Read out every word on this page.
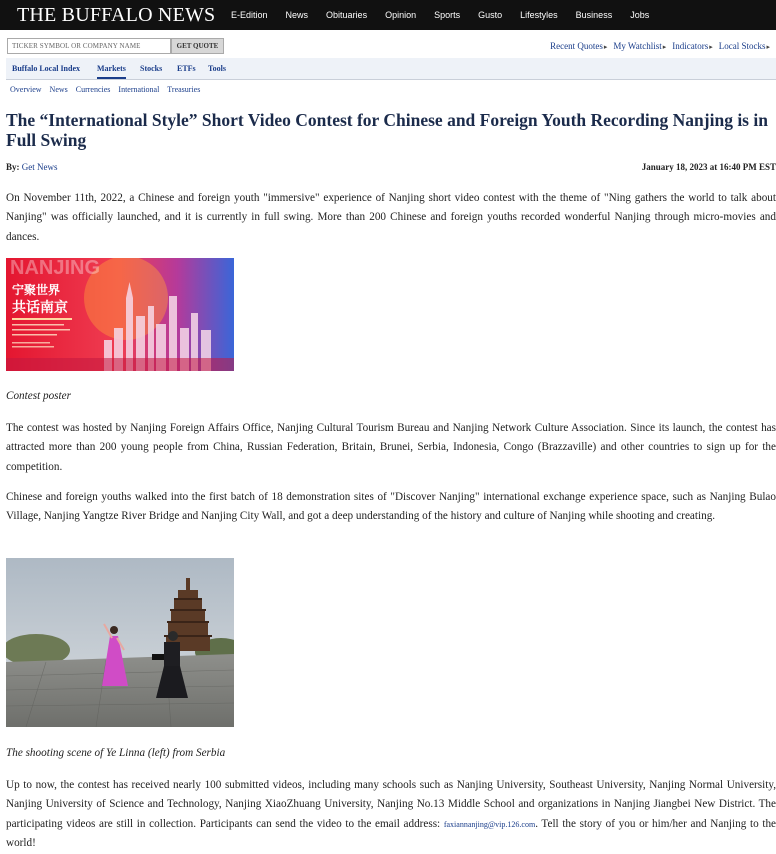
THE BUFFALO NEWS E-Edition News Obituaries Opinion Sports Gusto Lifestyles Business Jobs
TICKER SYMBOL OR COMPANY NAME	GET QUOTE	Recent Quotes ▸	My Watchlist ▸	Indicators ▸	Local Stocks ▸
Buffalo Local Index Markets Stocks ETFs Tools
Overview News Currencies International Treasuries
The “International Style” Short Video Contest for Chinese and Foreign Youth Recording Nanjing is in Full Swing
By: Get News	January 18, 2023 at 16:40 PM EST

On November 11th, 2022, a Chinese and foreign youth "immersive" experience of Nanjing short video contest with the theme of "Ning gathers the world to talk about Nanjing" was officially launched, and it is currently in full swing. More than 200 Chinese and foreign youths recorded wonderful Nanjing through micro-movies and dances.

NANJING
宁聚世界
共话南京
Contest poster

The contest was hosted by Nanjing Foreign Affairs Office, Nanjing Cultural Tourism Bureau and Nanjing Network Culture Association. Since its launch, the contest has attracted more than 200 young people from China, Russian Federation, Britain, Brunei, Serbia, Indonesia, Congo (Brazzaville) and other countries to sign up for the competition.

Chinese and foreign youths walked into the first batch of 18 demonstration sites of "Discover Nanjing" international exchange experience space, such as Nanjing Bulao Village, Nanjing Yangtze River Bridge and Nanjing City Wall, and got a deep understanding of the history and culture of Nanjing while shooting and creating.

The shooting scene of Ye Linna (left) from Serbia

Up to now, the contest has received nearly 100 submitted videos, including many schools such as Nanjing University, Southeast University, Nanjing Normal University, Nanjing University of Science and Technology, Nanjing XiaoZhuang University, Nanjing No.13 Middle School and organizations in Nanjing Jiangbei New District. The participating videos are still in collection. Participants can send the video to the email address: faxiannanjing@vip.126.com. Tell the story of you or him/her and Nanjing to the world!
